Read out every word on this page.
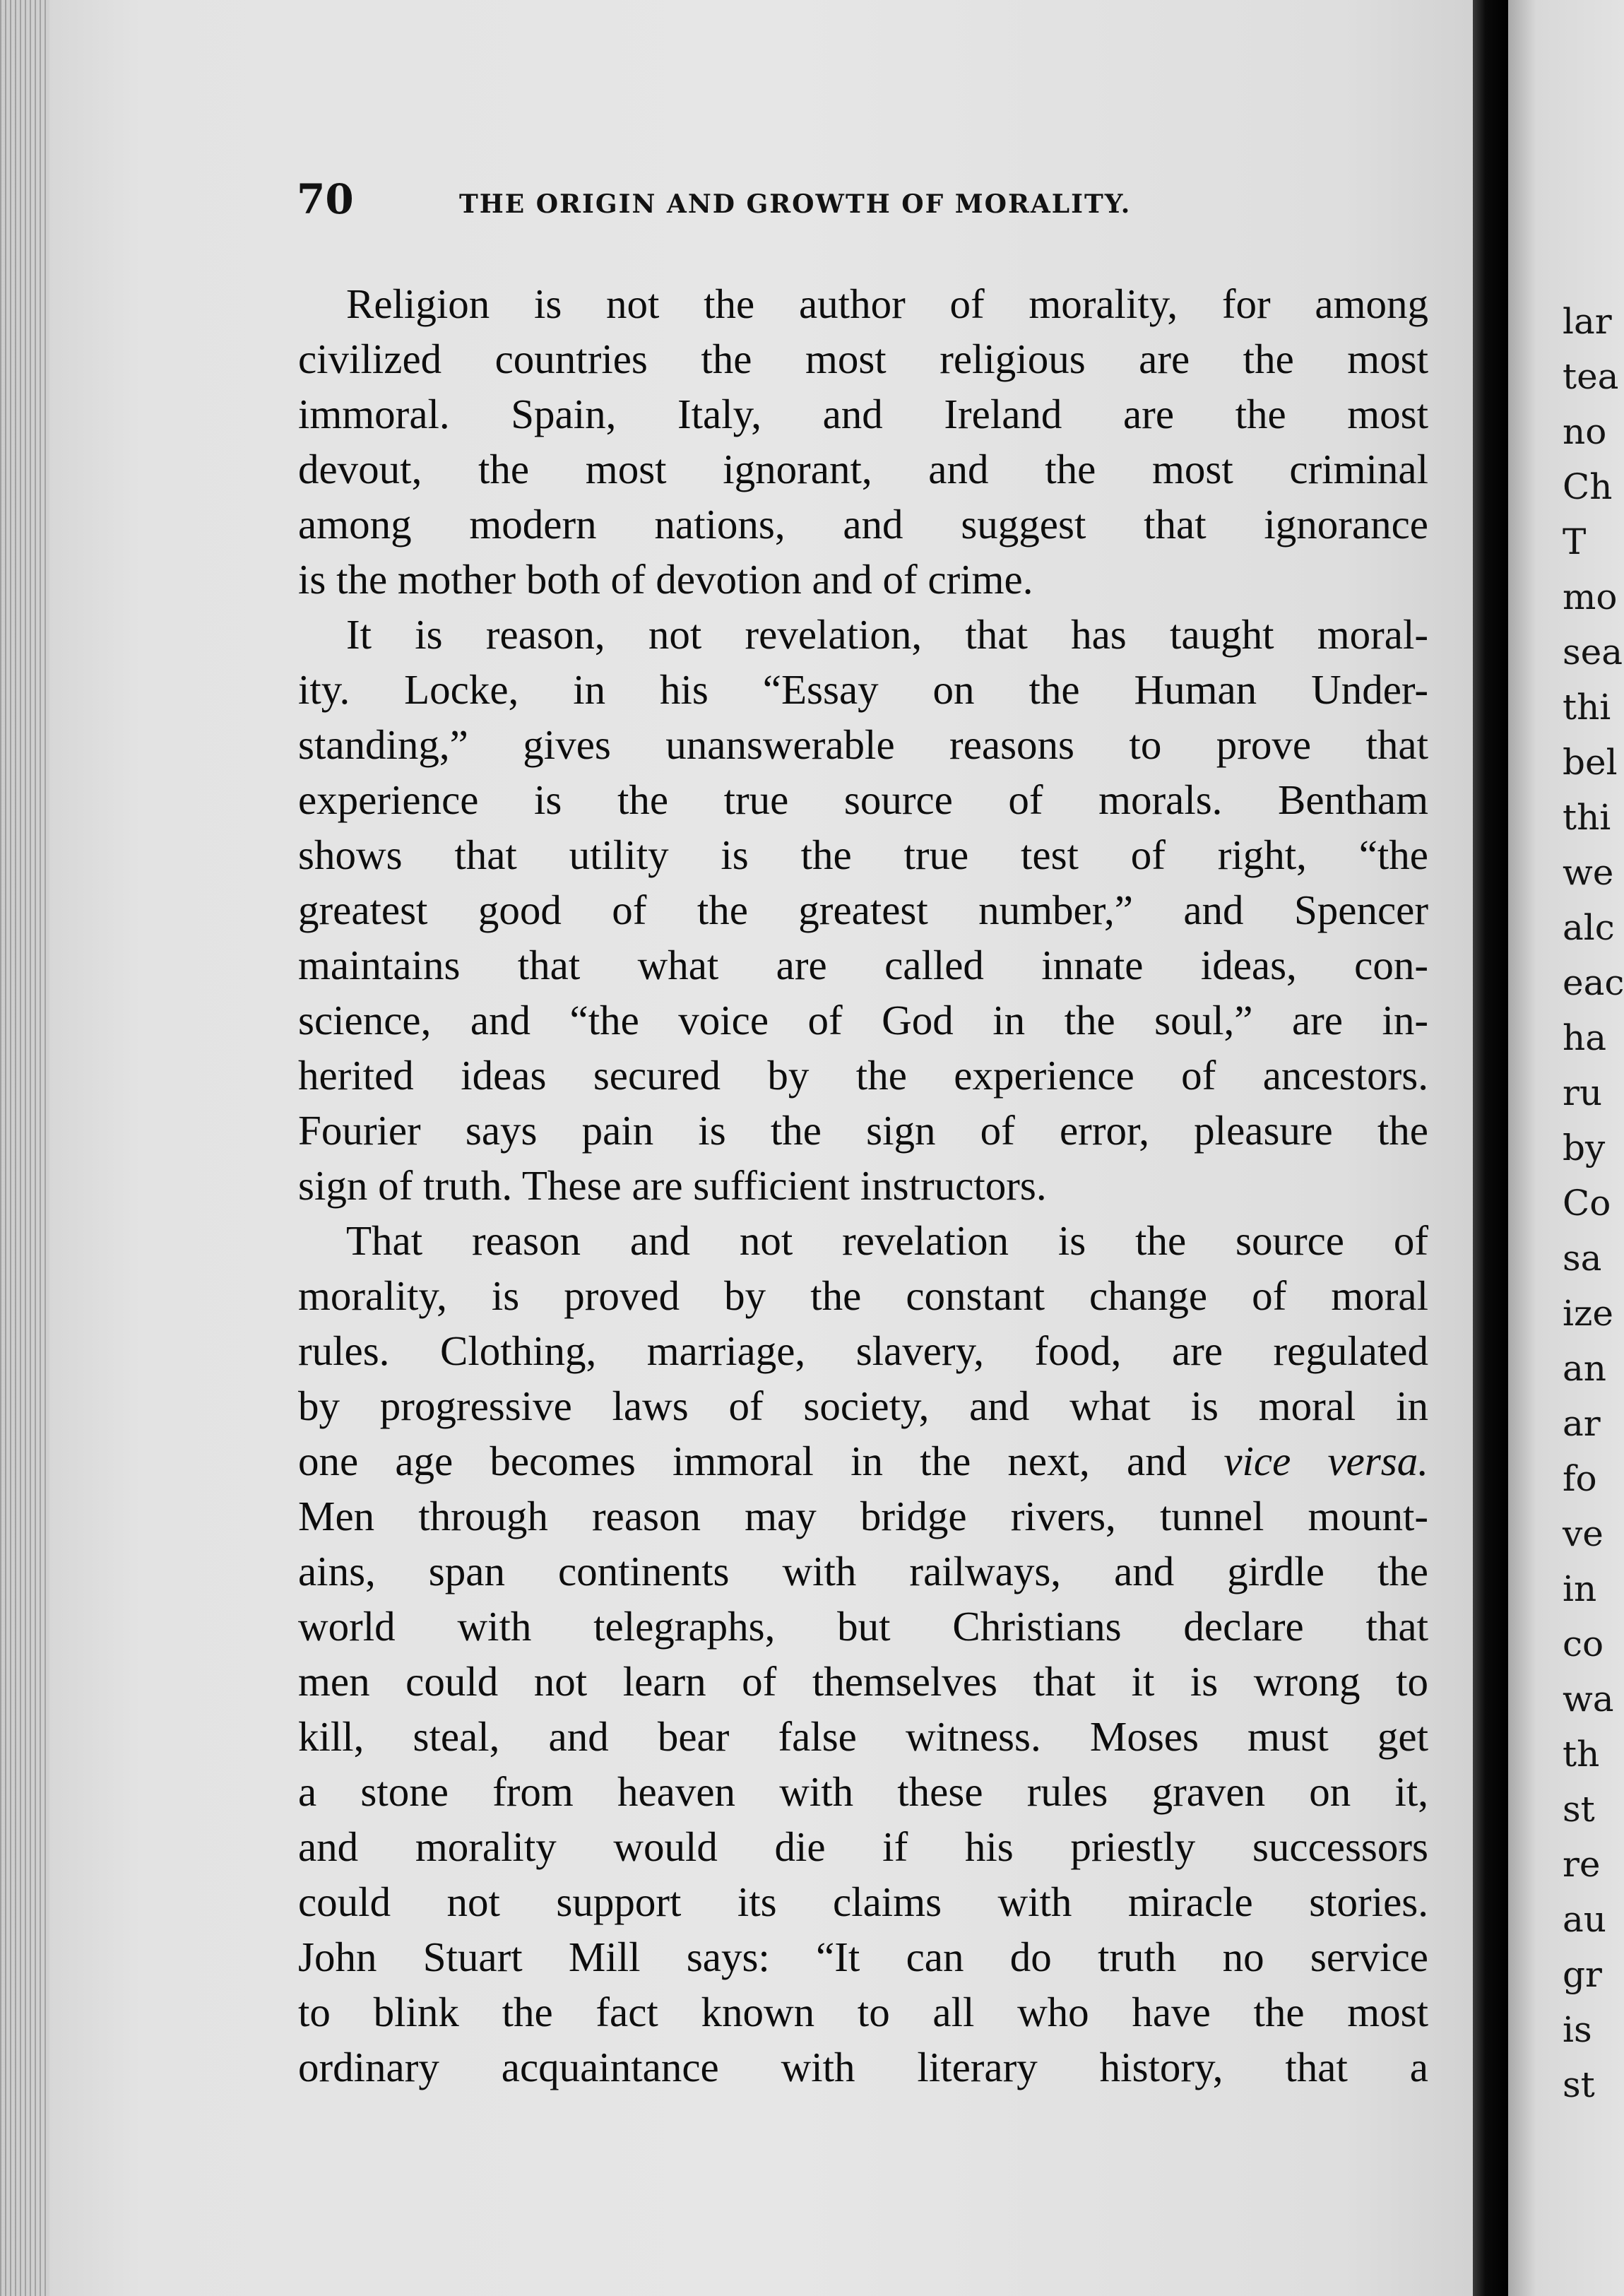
70	THE ORIGIN AND GROWTH OF MORALITY.
Religion is not the author of morality, for among
civilized countries the most religious are the most
immoral. Spain, Italy, and Ireland are the most
devout, the most ignorant, and the most criminal
among modern nations, and suggest that ignorance
is the mother both of devotion and of crime.
It is reason, not revelation, that has taught moral-
ity. Locke, in his “Essay on the Human Under-
standing,” gives unanswerable reasons to prove that
experience is the true source of morals. Bentham
shows that utility is the true test of right, “the
greatest good of the greatest number,” and Spencer
maintains that what are called innate ideas, con-
science, and “the voice of God in the soul,” are in-
herited ideas secured by the experience of ancestors.
Fourier says pain is the sign of error, pleasure the
sign of truth. These are sufficient instructors.
That reason and not revelation is the source of
morality, is proved by the constant change of moral
rules. Clothing, marriage, slavery, food, are regulated
by progressive laws of society, and what is moral in
one age becomes immoral in the next, and vice versa.
Men through reason may bridge rivers, tunnel mount-
ains, span continents with railways, and girdle the
world with telegraphs, but Christians declare that
men could not learn of themselves that it is wrong to
kill, steal, and bear false witness. Moses must get
a stone from heaven with these rules graven on it,
and morality would die if his priestly successors
could not support its claims with miracle stories.
John Stuart Mill says: “It can do truth no service
to blink the fact known to all who have the most
ordinary acquaintance with literary history, that a
lar
tea
no
Ch
T
mo
sea
thi
bel
thi
we
alc
eac
ha
ru
by
Co
sa
ize
an
ar
fo
ve
in
co
wa
th
st
re
au
gr
is
st
